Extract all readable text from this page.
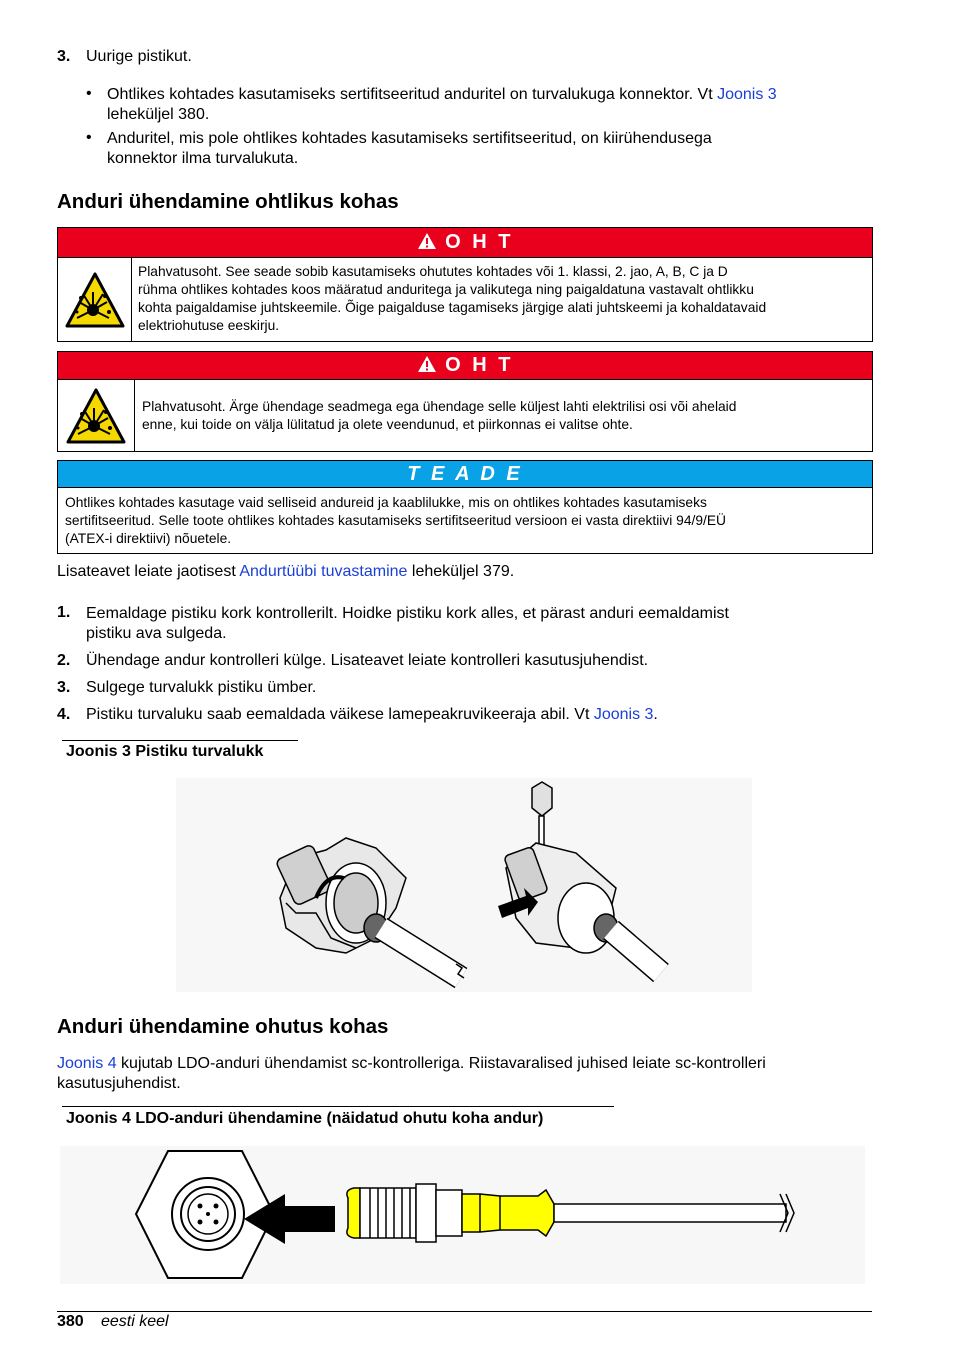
3. Uurige pistikut.
• Ohtlikes kohtades kasutamiseks sertifitseeritud anduritel on turvalukuga konnektor. Vt Joonis 3
leheküljel 380.
• Anduritel, mis pole ohtlikes kohtades kasutamiseks sertifitseeritud, on kiirühendusega
konnektor ilma turvalukuta.
Anduri ühendamine ohtlikus kohas
O H T
Plahvatusoht. See seade sobib kasutamiseks ohututes kohtades või 1. klassi, 2. jao, A, B, C ja D
rühma ohtlikes kohtades koos määratud anduritega ja valikutega ning paigaldatuna vastavalt ohtlikku
kohta paigaldamise juhtskeemile. Õige paigalduse tagamiseks järgige alati juhtskeemi ja kohaldatavaid
elektriohutuse eeskirju.
O H T
Plahvatusoht. Ärge ühendage seadmega ega ühendage selle küljest lahti elektrilisi osi või ahelaid
enne, kui toide on välja lülitatud ja olete veendunud, et piirkonnas ei valitse ohte.
T E A D E
Ohtlikes kohtades kasutage vaid selliseid andureid ja kaablilukke, mis on ohtlikes kohtades kasutamiseks
sertifitseeritud. Selle toote ohtlikes kohtades kasutamiseks sertifitseeritud versioon ei vasta direktiivi 94/9/EÜ
(ATEX-i direktiivi) nõuetele.
Lisateavet leiate jaotisest Andurtüübi tuvastamine leheküljel 379.
1. Eemaldage pistiku kork kontrollerilt. Hoidke pistiku kork alles, et pärast anduri eemaldamist
pistiku ava sulgeda.
2. Ühendage andur kontrolleri külge. Lisateavet leiate kontrolleri kasutusjuhendist.
3. Sulgege turvalukk pistiku ümber.
4. Pistiku turvaluku saab eemaldada väikese lamepeakruvikeeraja abil. Vt Joonis 3.
Joonis 3 Pistiku turvalukk
Anduri ühendamine ohutus kohas
Joonis 4 kujutab LDO-anduri ühendamist sc-kontrolleriga. Riistavaralised juhised leiate sc-kontrolleri
kasutusjuhendist.
Joonis 4 LDO-anduri ühendamine (näidatud ohutu koha andur)
380 eesti keel
